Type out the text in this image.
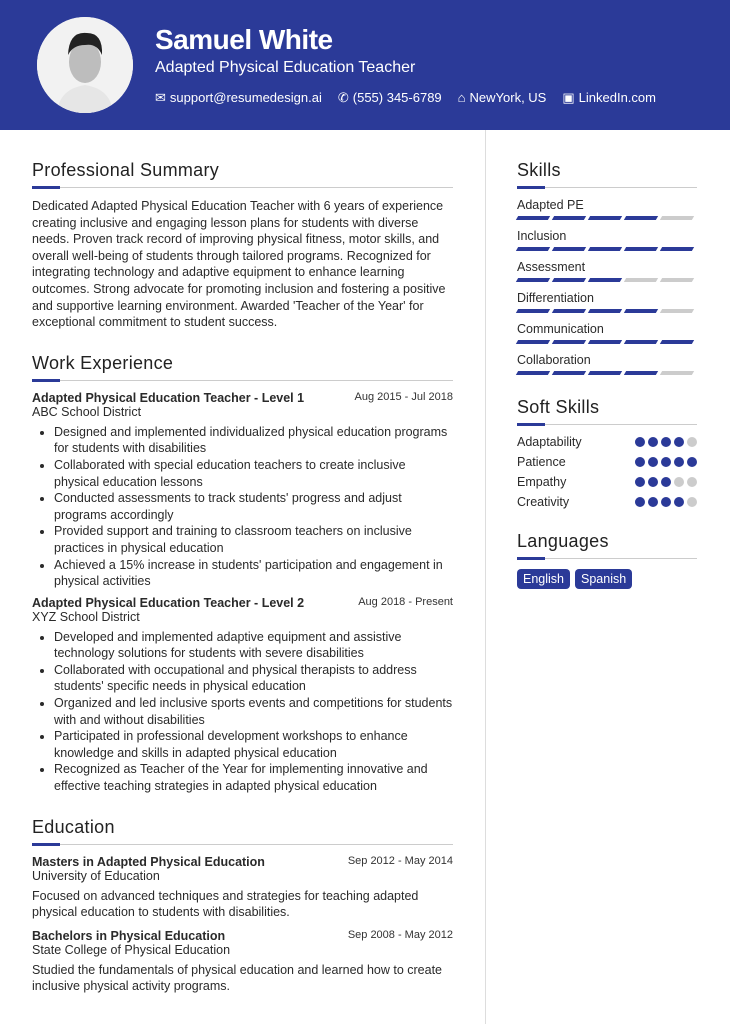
Samuel White
Adapted Physical Education Teacher
✉ support@resumedesign.ai ✆ (555) 345-6789 ⌂ NewYork, US ▣ LinkedIn.com
Professional Summary

Dedicated Adapted Physical Education Teacher with 6 years of experience creating inclusive and engaging lesson plans for students with diverse needs. Proven track record of improving physical fitness, motor skills, and overall well-being of students through tailored programs. Recognized for integrating technology and adaptive equipment to enhance learning outcomes. Strong advocate for promoting inclusion and fostering a positive and supportive learning environment. Awarded 'Teacher of the Year' for exceptional commitment to student success.

Work Experience
Adapted Physical Education Teacher - Level 1	Aug 2015 - Jul 2018
ABC School District
• Designed and implemented individualized physical education programs for students with disabilities
• Collaborated with special education teachers to create inclusive physical education lessons
• Conducted assessments to track students' progress and adjust programs accordingly
• Provided support and training to classroom teachers on inclusive practices in physical education
• Achieved a 15% increase in students' participation and engagement in physical activities
Adapted Physical Education Teacher - Level 2	Aug 2018 - Present
XYZ School District
• Developed and implemented adaptive equipment and assistive technology solutions for students with severe disabilities
• Collaborated with occupational and physical therapists to address students' specific needs in physical education
• Organized and led inclusive sports events and competitions for students with and without disabilities
• Participated in professional development workshops to enhance knowledge and skills in adapted physical education
• Recognized as Teacher of the Year for implementing innovative and effective teaching strategies in adapted physical education
Education
Masters in Adapted Physical Education	Sep 2012 - May 2014
University of Education

Focused on advanced techniques and strategies for teaching adapted physical education to students with disabilities.

Bachelors in Physical Education	Sep 2008 - May 2012
State College of Physical Education

Studied the fundamentals of physical education and learned how to create inclusive physical activity programs.

Skills
Adapted PE
Inclusion
Assessment
Differentiation
Communication
Collaboration
Soft Skills
Adaptability
Patience
Empathy
Creativity
Languages
English	Spanish
